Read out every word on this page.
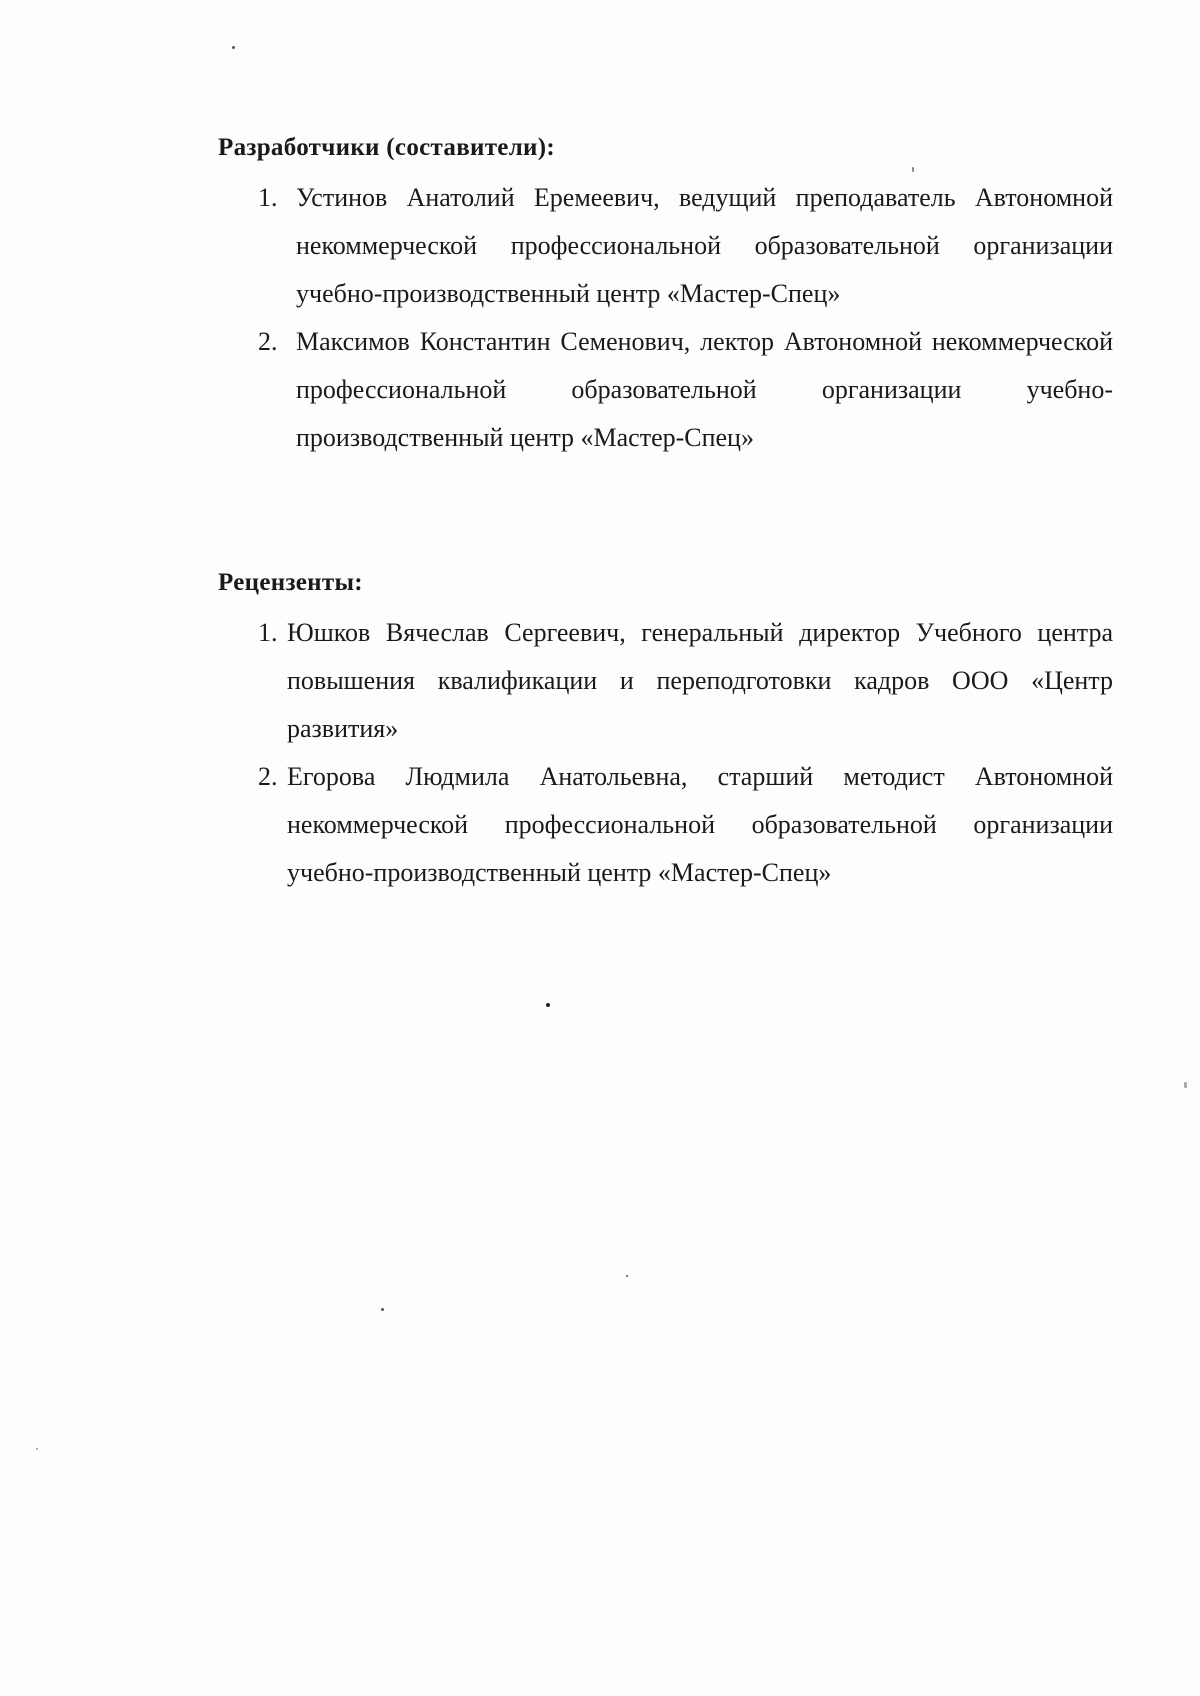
Разработчики (составители):
1. Устинов Анатолий Еремеевич, ведущий преподаватель Автономной некоммерческой профессиональной образовательной организации учебно-производственный центр «Мастер-Спец»
2. Максимов Константин Семенович, лектор Автономной некоммерческой профессиональной образовательной организации учебно-производственный центр «Мастер-Спец»
Рецензенты:
1. Юшков Вячеслав Сергеевич, генеральный директор Учебного центра повышения квалификации и переподготовки кадров ООО «Центр развития»
2. Егорова Людмила Анатольевна, старший методист Автономной некоммерческой профессиональной образовательной организации учебно-производственный центр «Мастер-Спец»
